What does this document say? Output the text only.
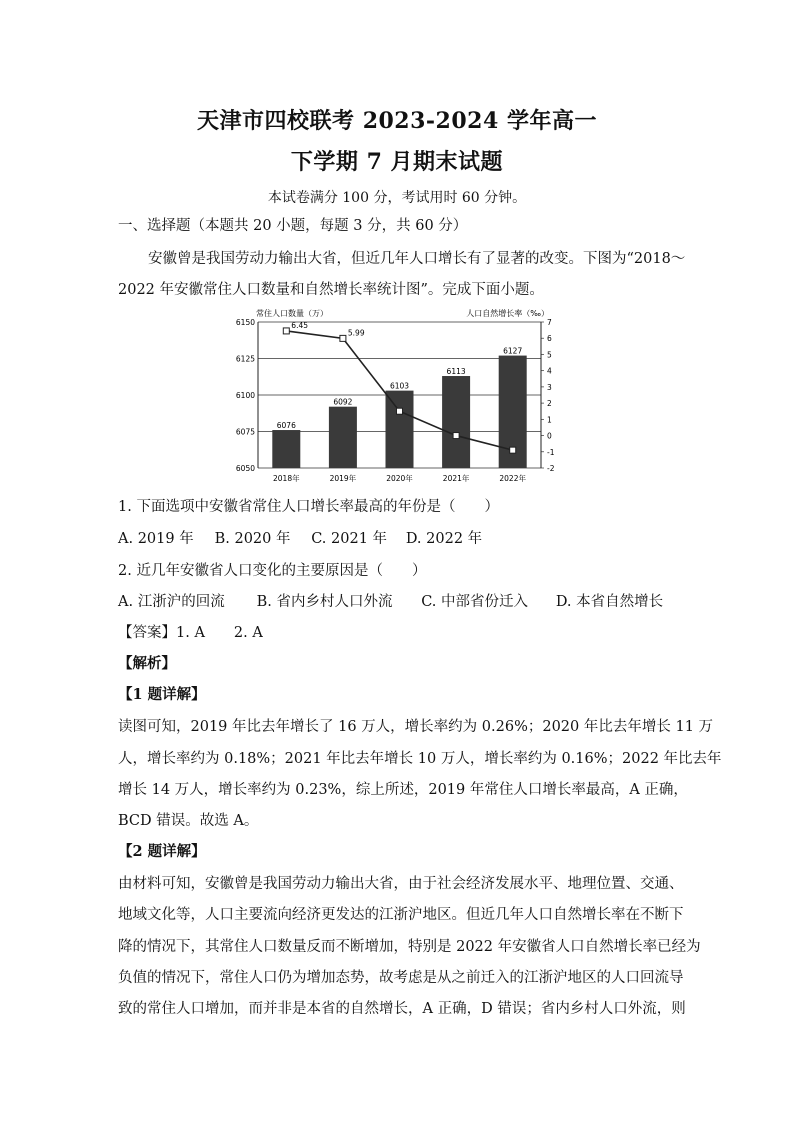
天津市四校联考 2023-2024 学年高一
下学期 7 月期末试题
本试卷满分 100 分，考试用时 60 分钟。
一、选择题（本题共 20 小题，每题 3 分，共 60 分）
安徽曾是我国劳动力输出大省，但近几年人口增长有了显著的改变。下图为“2018～
2022 年安徽常住人口数量和自然增长率统计图”。完成下面小题。
常住人口数量（万）	人口自然增长率（‰）
6050
6075
6100
6125
6150
-2
-1
0
1
2
3
4
5
6
7
6076
6092
6103
6113
6127
2018年	2019年	2020年	2021年	2022年
6.45
5.99
1. 下面选项中安徽省常住人口增长率最高的年份是（　　）
A. 2019 年 B. 2020 年 C. 2021 年 D. 2022 年
2. 近几年安徽省人口变化的主要原因是（　　）
A. 江浙沪的回流 B. 省内乡村人口外流 C. 中部省份迁入 D. 本省自然增长
【答案】1. A　　2. A
【解析】
【1 题详解】
读图可知，2019 年比去年增长了 16 万人，增长率约为 0.26%；2020 年比去年增长 11 万
人，增长率约为 0.18%；2021 年比去年增长 10 万人，增长率约为 0.16%；2022 年比去年
增长 14 万人，增长率约为 0.23%，综上所述，2019 年常住人口增长率最高，A 正确，
BCD 错误。故选 A。
【2 题详解】
由材料可知，安徽曾是我国劳动力输出大省，由于社会经济发展水平、地理位置、交通、
地域文化等，人口主要流向经济更发达的江浙沪地区。但近几年人口自然增长率在不断下
降的情况下，其常住人口数量反而不断增加，特别是 2022 年安徽省人口自然增长率已经为
负值的情况下，常住人口仍为增加态势，故考虑是从之前迁入的江浙沪地区的人口回流导
致的常住人口增加，而并非是本省的自然增长，A 正确，D 错误；省内乡村人口外流，则
